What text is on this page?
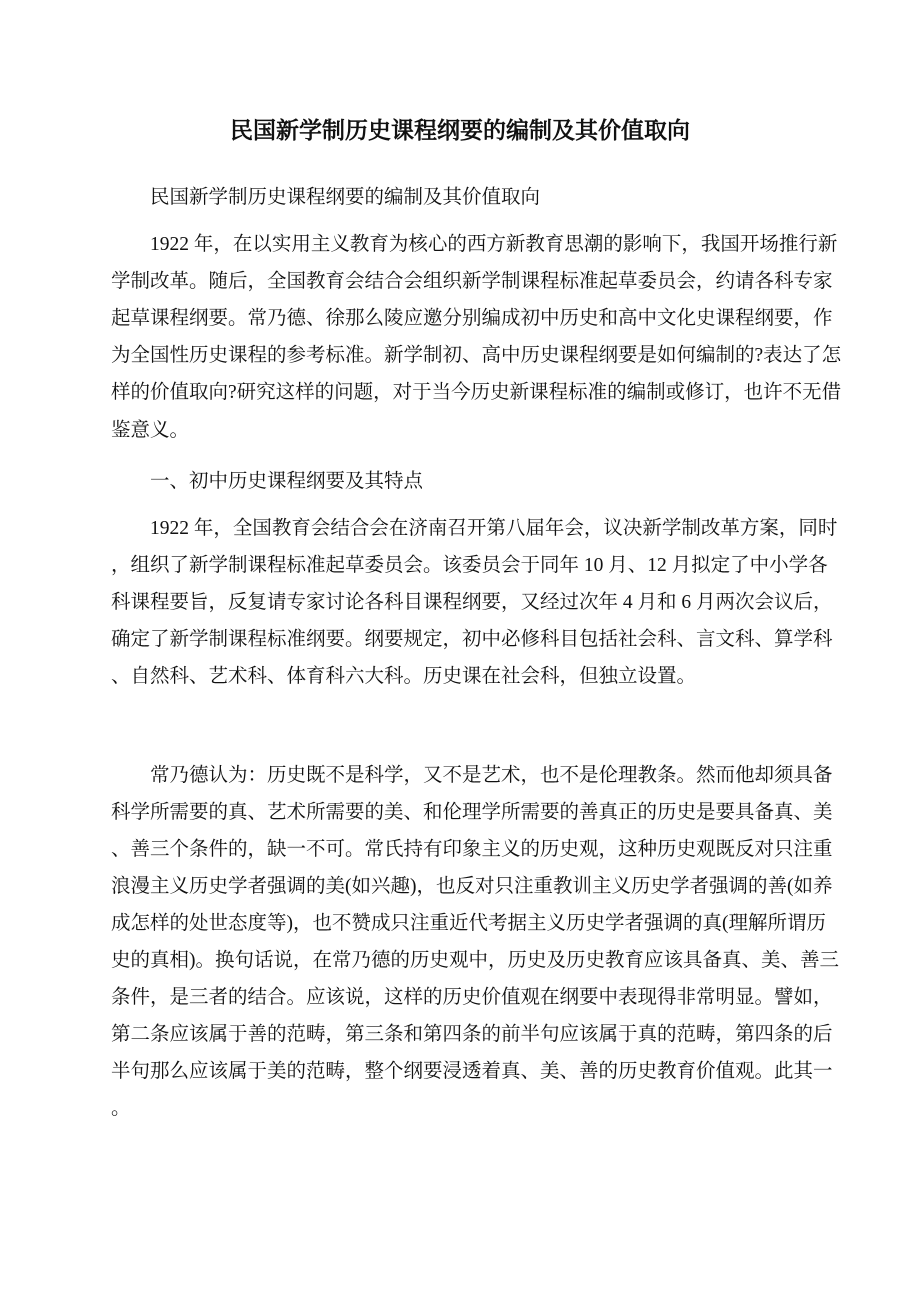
民国新学制历史课程纲要的编制及其价值取向
民国新学制历史课程纲要的编制及其价值取向
1922 年，在以实用主义教育为核心的西方新教育思潮的影响下，我国开场推行新
学制改革。随后，全国教育会结合会组织新学制课程标准起草委员会，约请各科专家
起草课程纲要。常乃德、徐那么陵应邀分别编成初中历史和高中文化史课程纲要，作
为全国性历史课程的参考标准。新学制初、高中历史课程纲要是如何编制的?表达了怎
样的价值取向?研究这样的问题，对于当今历史新课程标准的编制或修订，也许不无借
鉴意义。
一、初中历史课程纲要及其特点
1922 年，全国教育会结合会在济南召开第八届年会，议决新学制改革方案，同时
，组织了新学制课程标准起草委员会。该委员会于同年 10 月、12 月拟定了中小学各
科课程要旨，反复请专家讨论各科目课程纲要，又经过次年 4 月和 6 月两次会议后，
确定了新学制课程标准纲要。纲要规定，初中必修科目包括社会科、言文科、算学科
、自然科、艺术科、体育科六大科。历史课在社会科，但独立设置。
常乃德认为：历史既不是科学，又不是艺术，也不是伦理教条。然而他却须具备
科学所需要的真、艺术所需要的美、和伦理学所需要的善真正的历史是要具备真、美
、善三个条件的，缺一不可。常氏持有印象主义的历史观，这种历史观既反对只注重
浪漫主义历史学者强调的美(如兴趣)，也反对只注重教训主义历史学者强调的善(如养
成怎样的处世态度等)，也不赞成只注重近代考据主义历史学者强调的真(理解所谓历
史的真相)。换句话说，在常乃德的历史观中，历史及历史教育应该具备真、美、善三
条件，是三者的结合。应该说，这样的历史价值观在纲要中表现得非常明显。譬如，
第二条应该属于善的范畴，第三条和第四条的前半句应该属于真的范畴，第四条的后
半句那么应该属于美的范畴，整个纲要浸透着真、美、善的历史教育价值观。此其一
。
